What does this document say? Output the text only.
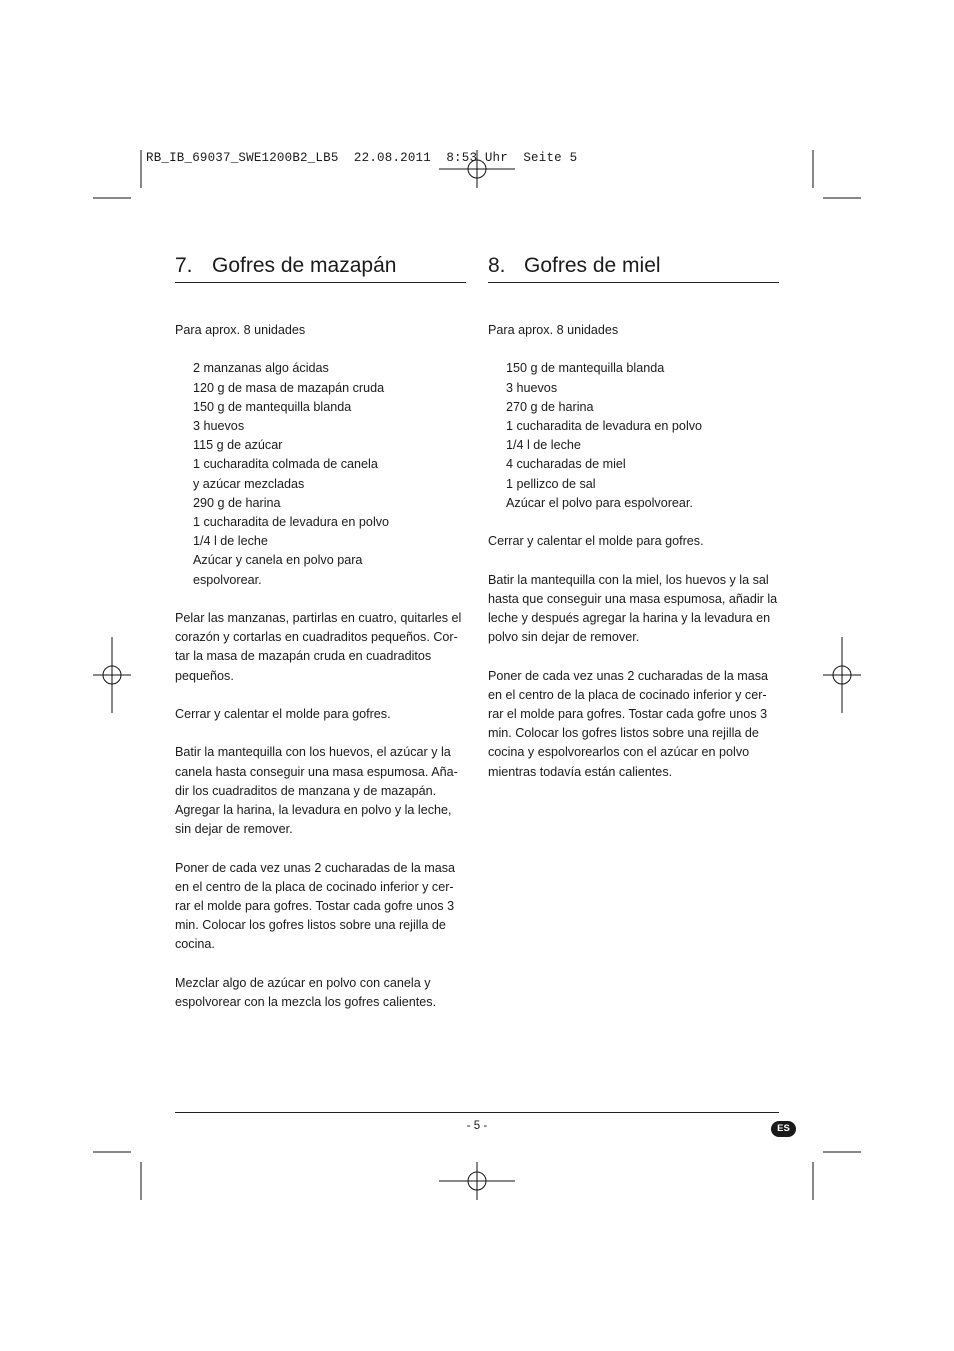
RB_IB_69037_SWE1200B2_LB5  22.08.2011  8:53 Uhr  Seite 5
7. Gofres de mazapán

Para aprox. 8 unidades

2 manzanas algo ácidas
120 g de masa de mazapán cruda
150 g de mantequilla blanda
3 huevos
115 g de azúcar
1 cucharadita colmada de canela
y azúcar mezcladas
290 g de harina
1 cucharadita de levadura en polvo
1/4 l de leche
Azúcar y canela en polvo para
espolvorear.

Pelar las manzanas, partirlas en cuatro, quitarles el
corazón y cortarlas en cuadraditos pequeños. Cor-
tar la masa de mazapán cruda en cuadraditos
pequeños.

Cerrar y calentar el molde para gofres.

Batir la mantequilla con los huevos, el azúcar y la
canela hasta conseguir una masa espumosa. Aña-
dir los cuadraditos de manzana y de mazapán.
Agregar la harina, la levadura en polvo y la leche,
sin dejar de remover.

Poner de cada vez unas 2 cucharadas de la masa
en el centro de la placa de cocinado inferior y cer-
rar el molde para gofres. Tostar cada gofre unos 3
min. Colocar los gofres listos sobre una rejilla de
cocina.

Mezclar algo de azúcar en polvo con canela y
espolvorear con la mezcla los gofres calientes.

8. Gofres de miel

Para aprox. 8 unidades

150 g de mantequilla blanda
3 huevos
270 g de harina
1 cucharadita de levadura en polvo
1/4 l de leche
4 cucharadas de miel
1 pellizco de sal
Azúcar el polvo para espolvorear.

Cerrar y calentar el molde para gofres.

Batir la mantequilla con la miel, los huevos y la sal
hasta que conseguir una masa espumosa, añadir la
leche y después agregar la harina y la levadura en
polvo sin dejar de remover.

Poner de cada vez unas 2 cucharadas de la masa
en el centro de la placa de cocinado inferior y cer-
rar el molde para gofres. Tostar cada gofre unos 3
min. Colocar los gofres listos sobre una rejilla de
cocina y espolvorearlos con el azúcar en polvo
mientras todavía están calientes.

- 5 -	ES
